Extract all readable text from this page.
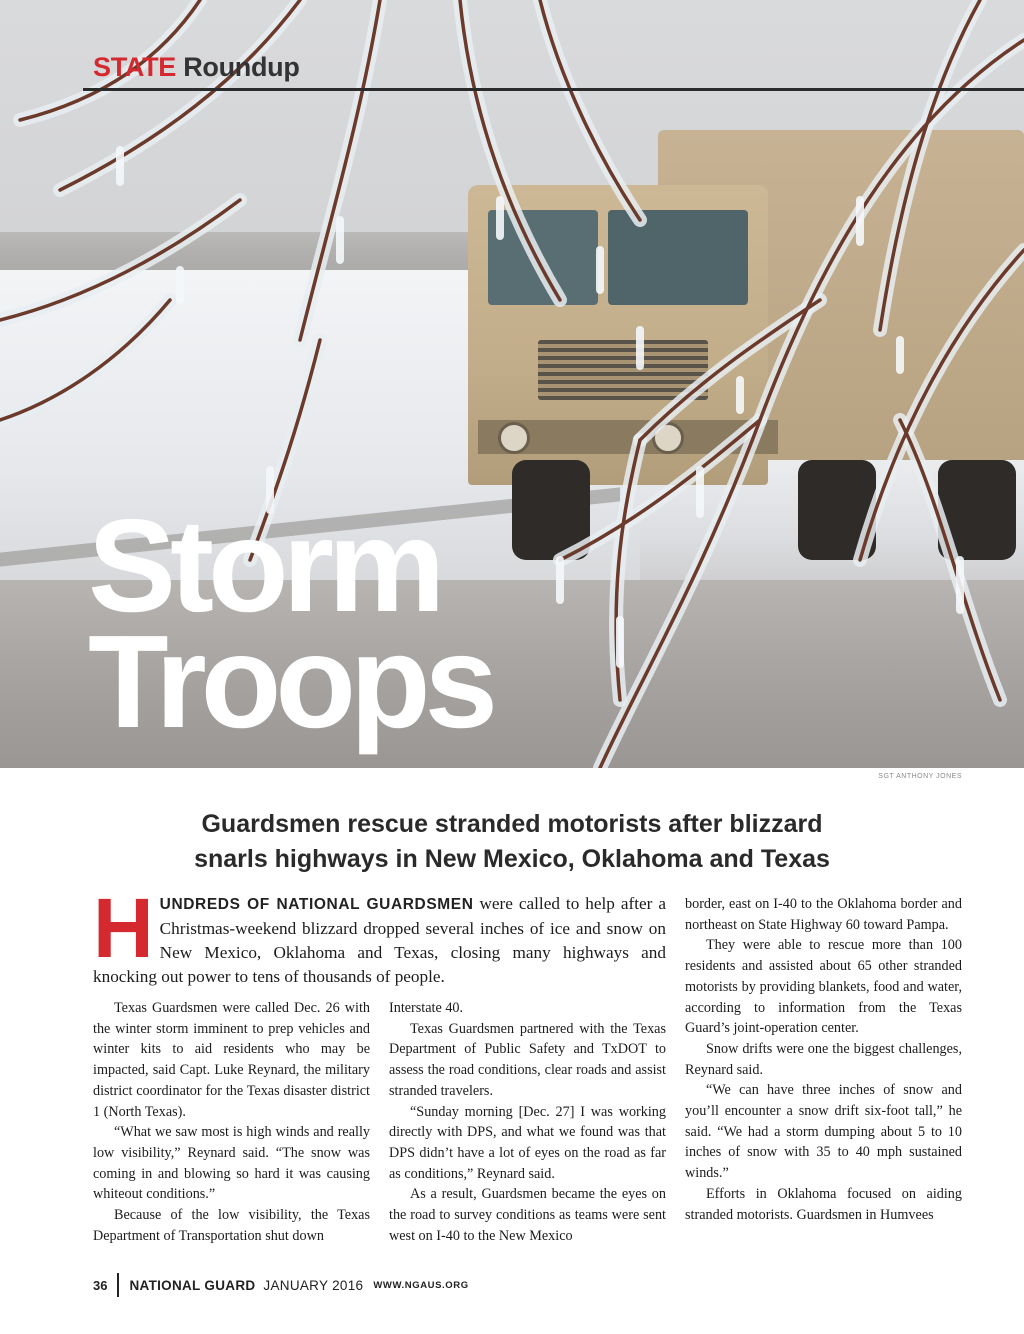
STATE Roundup
Storm
Troops
SGT ANTHONY JONES
Guardsmen rescue stranded motorists after blizzard
snarls highways in New Mexico, Oklahoma and Texas
HUNDREDS OF NATIONAL GUARDSMEN were called to help after a Christmas-weekend blizzard dropped several inches of ice and snow on New Mexico, Oklahoma and Texas, closing many highways and knocking out power to tens of thousands of people.

Texas Guardsmen were called Dec. 26 with the winter storm imminent to prep vehicles and winter kits to aid residents who may be impacted, said Capt. Luke Reynard, the military district coordinator for the Texas disaster district 1 (North Texas).

“What we saw most is high winds and really low visibility,” Reynard said. “The snow was coming in and blowing so hard it was causing whiteout conditions.”

Because of the low visibility, the Texas Department of Transportation shut down

Interstate 40.

Texas Guardsmen partnered with the Texas Department of Public Safety and TxDOT to assess the road conditions, clear roads and assist stranded travelers.

“Sunday morning [Dec. 27] I was working directly with DPS, and what we found was that DPS didn’t have a lot of eyes on the road as far as conditions,” Reynard said.

As a result, Guardsmen became the eyes on the road to survey conditions as teams were sent west on I-40 to the New Mexico

border, east on I-40 to the Oklahoma border and northeast on State Highway 60 toward Pampa.

They were able to rescue more than 100 residents and assisted about 65 other stranded motorists by providing blankets, food and water, according to information from the Texas Guard’s joint-operation center.

Snow drifts were one the biggest challenges, Reynard said.

“We can have three inches of snow and you’ll encounter a snow drift six-foot tall,” he said. “We had a storm dumping about 5 to 10 inches of snow with 35 to 40 mph sustained winds.”

Efforts in Oklahoma focused on aiding stranded motorists. Guardsmen in Humvees

36 NATIONAL GUARD JANUARY 2016 WWW.NGAUS.ORG
